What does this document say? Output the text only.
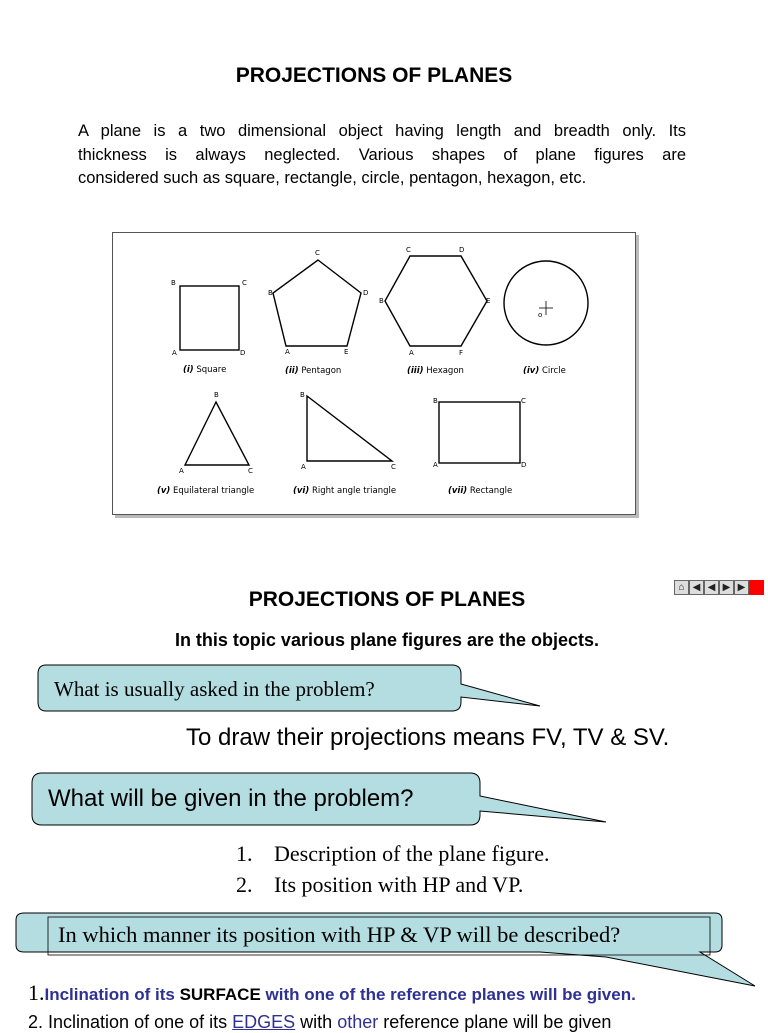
PROJECTIONS OF PLANES
A plane is a two dimensional object having length and breadth only. Its
thickness is always neglected. Various shapes of plane figures are
considered such as square, rectangle, circle, pentagon, hexagon, etc.
B	C
A	D
C
D
B
A	E
C	D
B	E
A	F
o
B
A	C
B
A	C
B	C
A	D
(i) Square	(ii) Pentagon	(iii) Hexagon	(iv) Circle
(v) Equilateral triangle	(vi) Right angle triangle	(vii) Rectangle
⌂ ◀ ◀ ▶ ▶
PROJECTIONS OF PLANES
In this topic various plane figures are the objects.
What is usually asked in the problem?
To draw their projections means FV, TV & SV.
What will be given in the problem?
1. Description of the plane figure.
2. Its position with HP and VP.
In which manner its position with HP & VP will be described?
1.Inclination of its SURFACE with one of the reference planes will be given.
2. Inclination of one of its EDGES with other reference plane will be given
